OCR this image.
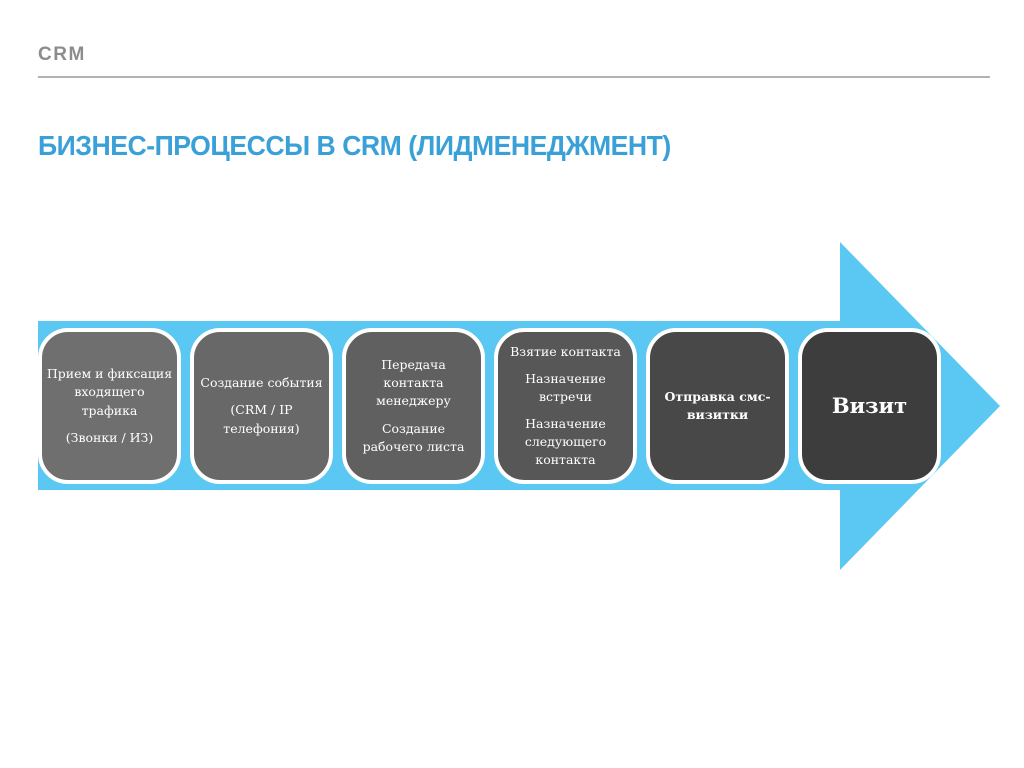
CRM
БИЗНЕС-ПРОЦЕССЫ В CRM (ЛИДМЕНЕДЖМЕНТ)
Прием и фиксация входящего трафика
(Звонки / ИЗ)
Создание события
(CRM / IP телефония)
Передача контакта менеджеру
Создание рабочего листа
Взятие контакта
Назначение встречи
Назначение следующего контакта
Отправка смс-визитки	Визит
